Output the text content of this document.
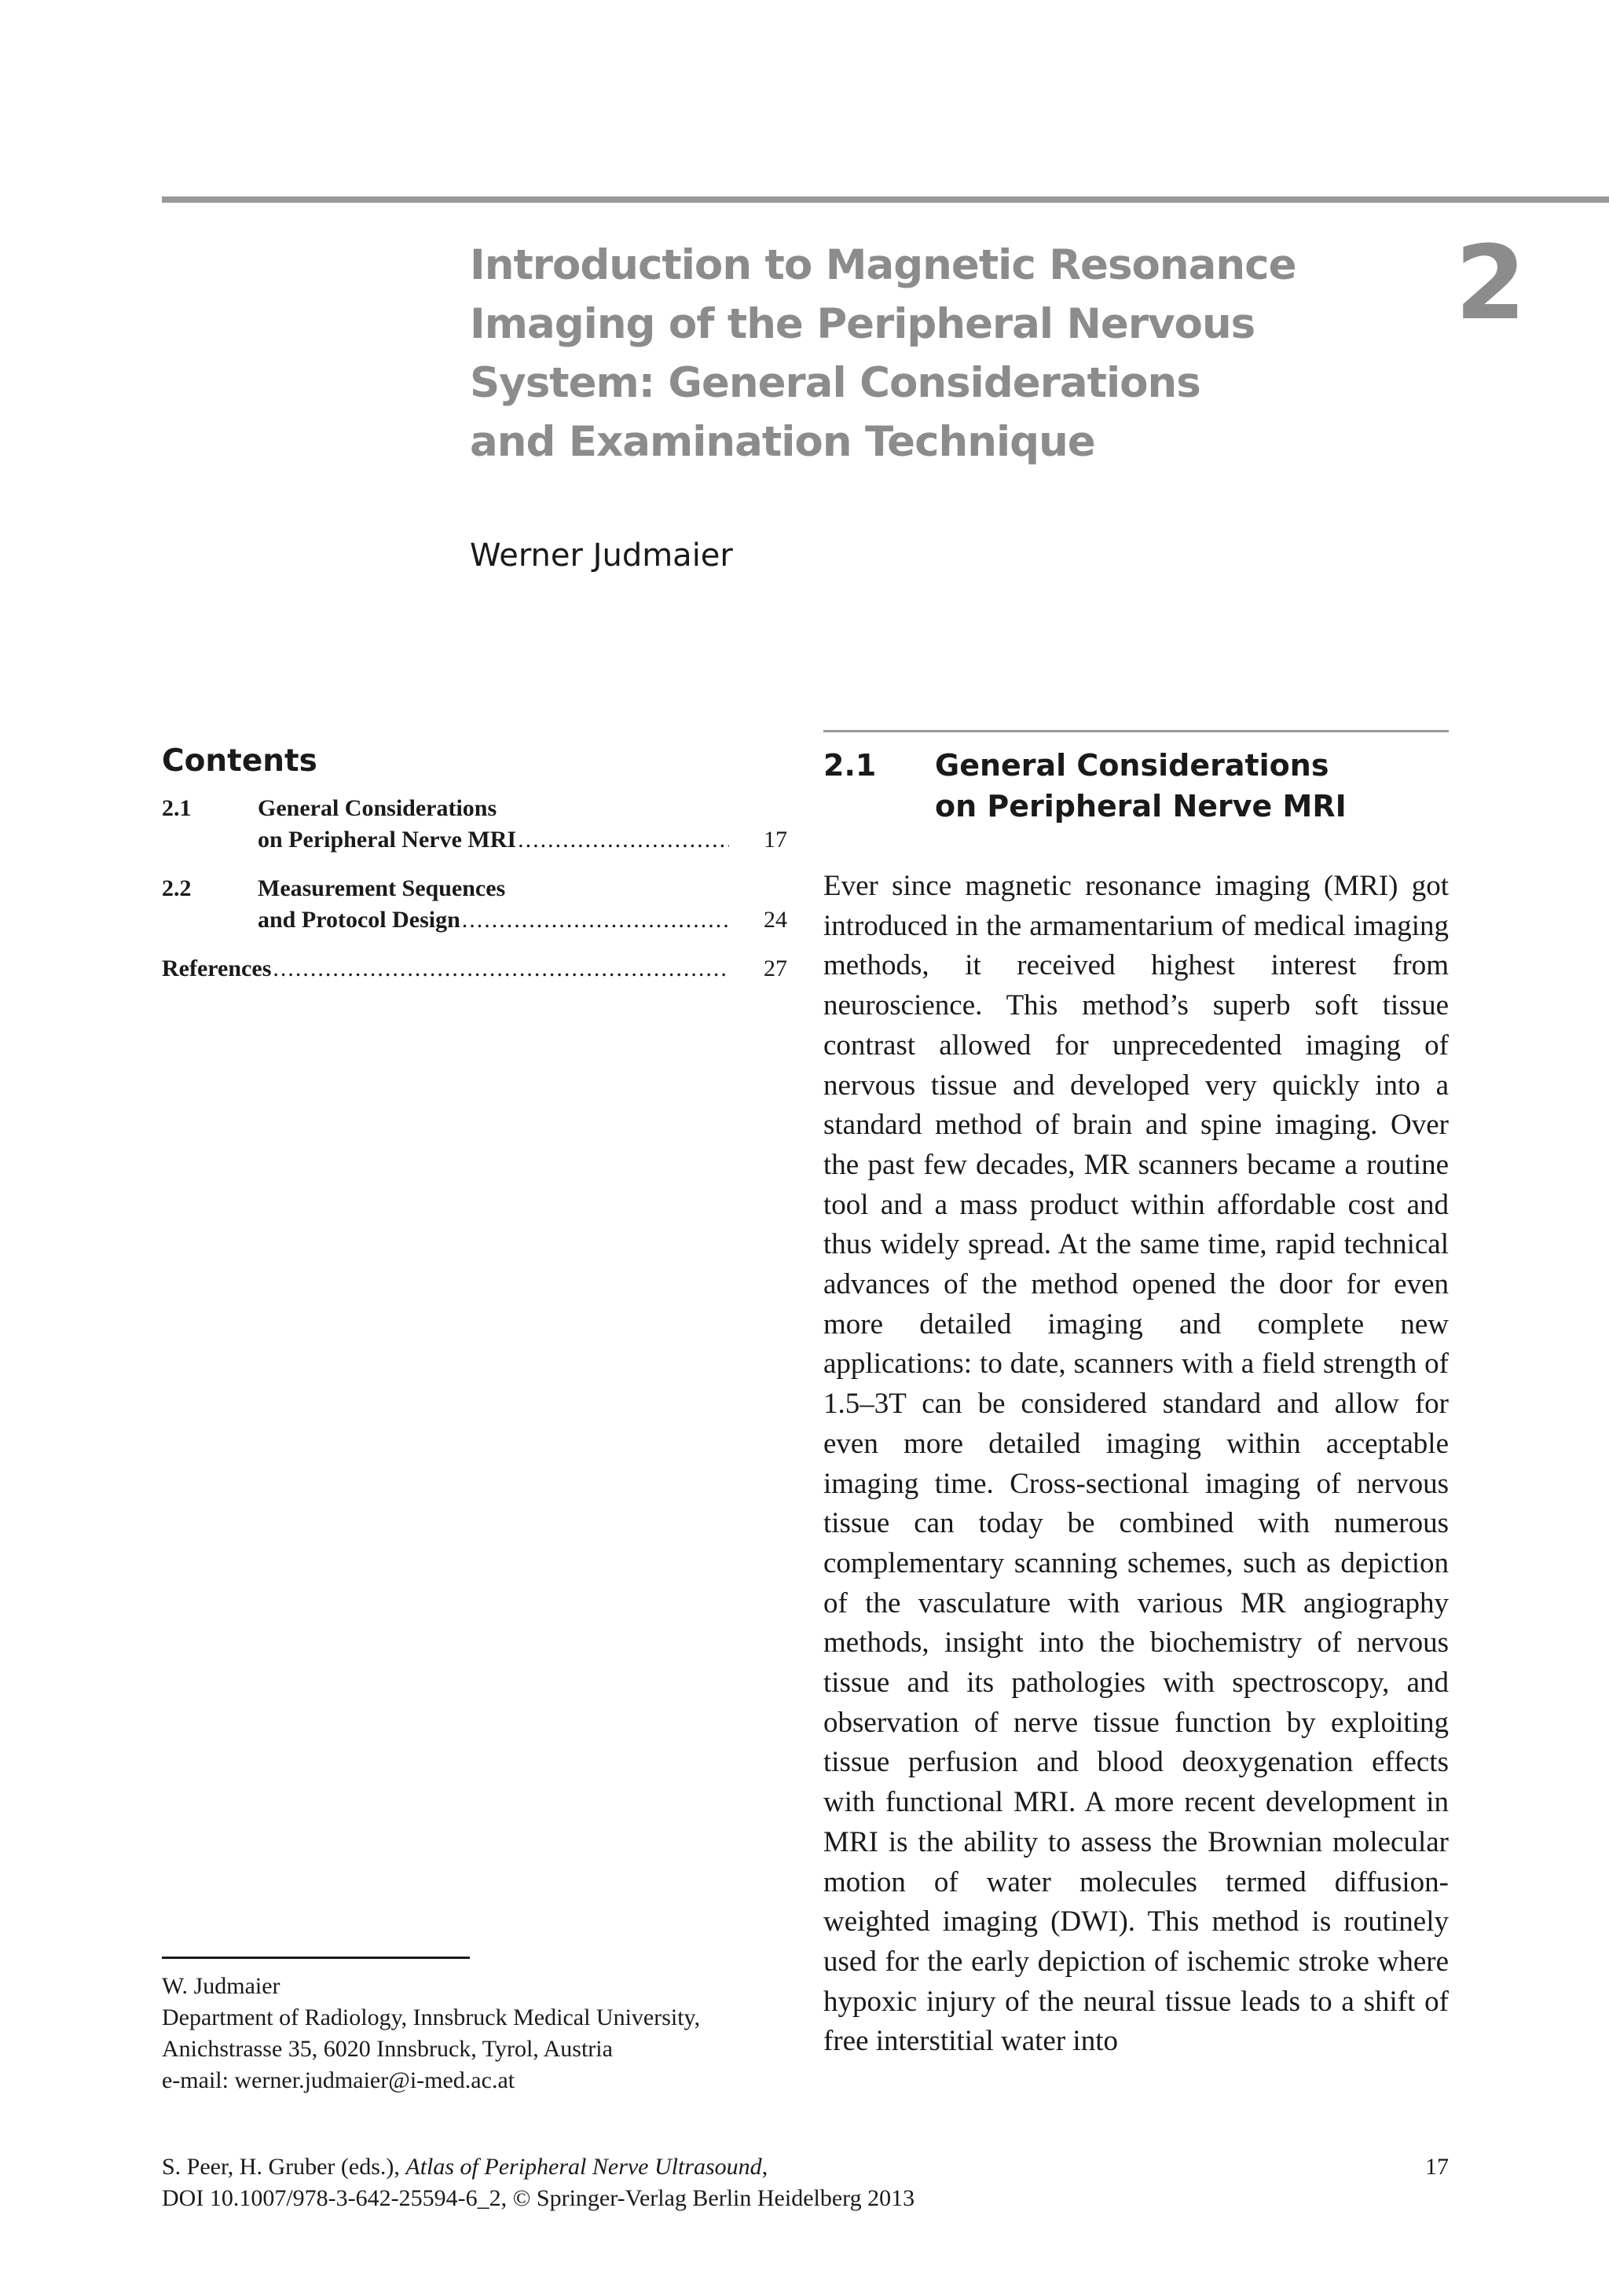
Introduction to Magnetic Resonance
Imaging of the Peripheral Nervous
System: General Considerations
and Examination Technique
2
Werner Judmaier
Contents
2.1	General Considerations
on Peripheral Nerve MRI .....	17
2.2	Measurement Sequences
and Protocol Design .....	24
References .....	27
2.1	General Considerations
on Peripheral Nerve MRI

Ever since magnetic resonance imaging (MRI) got introduced in the armamentarium of medical imaging methods, it received highest interest from neuroscience. This method’s superb soft tissue contrast allowed for unprecedented imaging of nervous tissue and developed very quickly into a standard method of brain and spine imaging. Over the past few decades, MR scanners became a routine tool and a mass product within affordable cost and thus widely spread. At the same time, rapid technical advances of the method opened the door for even more detailed imaging and complete new applications: to date, scanners with a field strength of 1.5–3T can be considered standard and allow for even more detailed imaging within acceptable imaging time. Cross-sectional imaging of nervous tissue can today be combined with numerous complementary scanning schemes, such as depiction of the vasculature with various MR angiography methods, insight into the biochemistry of nervous tissue and its pathologies with spectroscopy, and observation of nerve tissue function by exploiting tissue perfusion and blood deoxygenation effects with functional MRI. A more recent development in MRI is the ability to assess the Brownian molecular motion of water molecules termed diffusion-weighted imaging (DWI). This method is routinely used for the early depiction of ischemic stroke where hypoxic injury of the neural tissue leads to a shift of free interstitial water into

W. Judmaier
Department of Radiology, Innsbruck Medical University,
Anichstrasse 35, 6020 Innsbruck, Tyrol, Austria
e-mail: werner.judmaier@i-med.ac.at
S. Peer, H. Gruber (eds.), Atlas of Peripheral Nerve Ultrasound,
DOI 10.1007/978-3-642-25594-6_2, © Springer-Verlag Berlin Heidelberg 2013
17
